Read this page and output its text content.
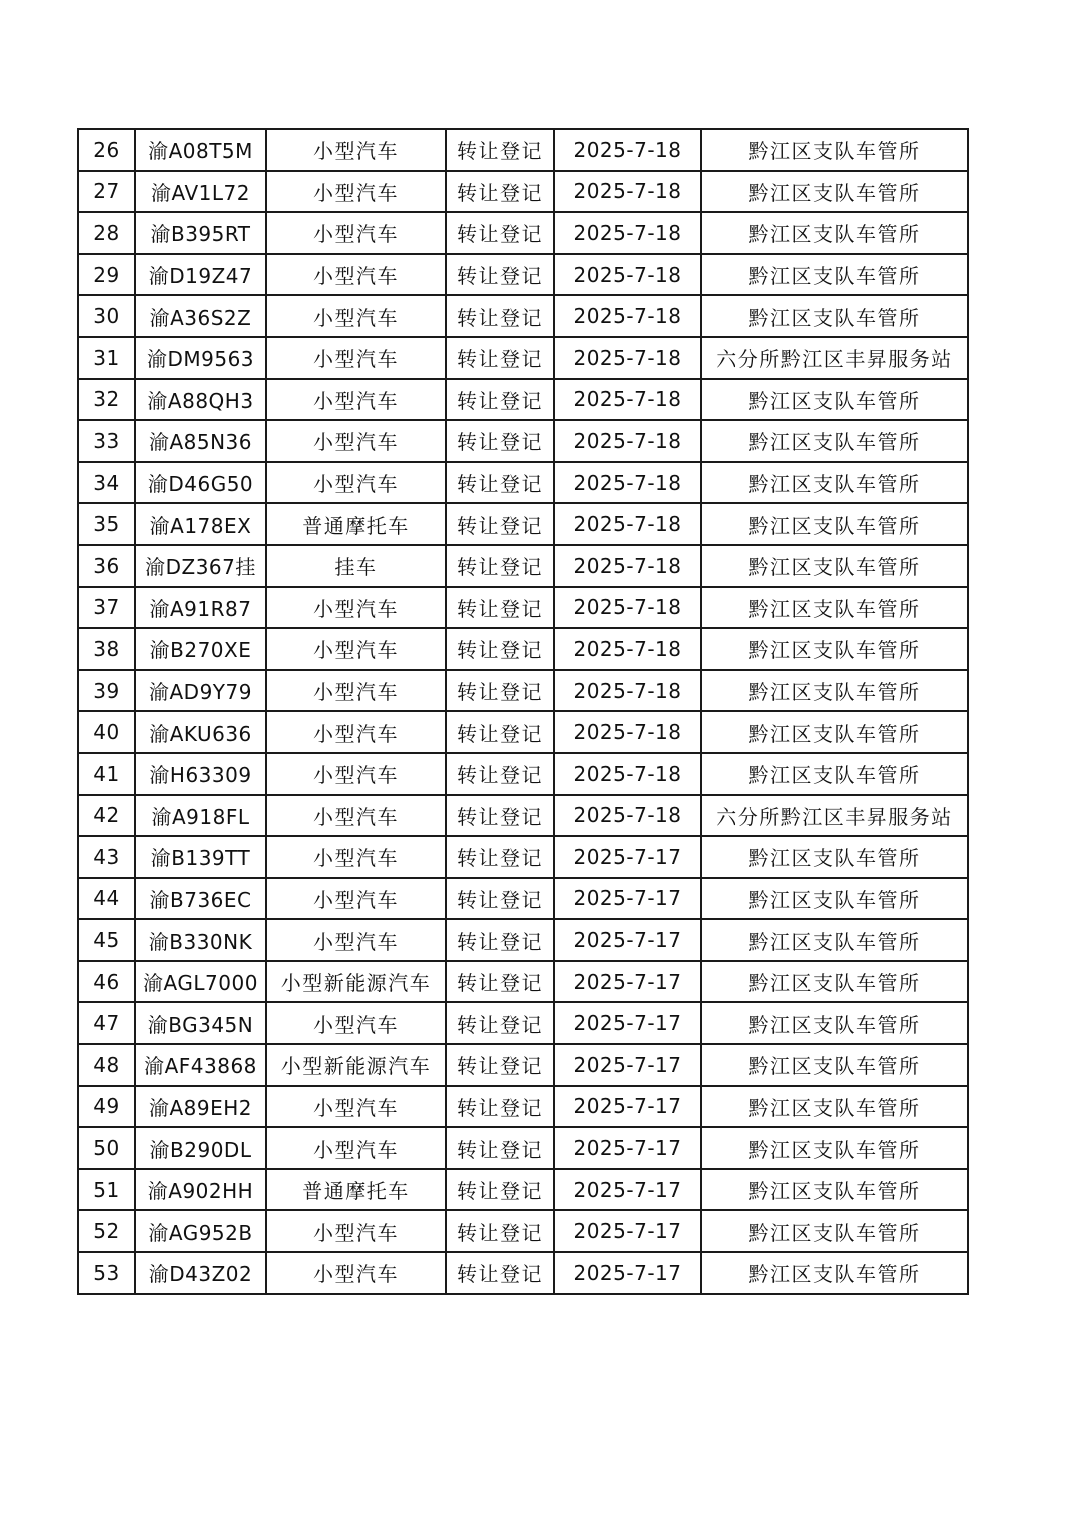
26	渝A08T5M	小型汽车	转让登记	2025-7-18	黔江区支队车管所
27	渝AV1L72	小型汽车	转让登记	2025-7-18	黔江区支队车管所
28	渝B395RT	小型汽车	转让登记	2025-7-18	黔江区支队车管所
29	渝D19Z47	小型汽车	转让登记	2025-7-18	黔江区支队车管所
30	渝A36S2Z	小型汽车	转让登记	2025-7-18	黔江区支队车管所
31	渝DM9563	小型汽车	转让登记	2025-7-18	六分所黔江区丰昇服务站
32	渝A88QH3	小型汽车	转让登记	2025-7-18	黔江区支队车管所
33	渝A85N36	小型汽车	转让登记	2025-7-18	黔江区支队车管所
34	渝D46G50	小型汽车	转让登记	2025-7-18	黔江区支队车管所
35	渝A178EX	普通摩托车	转让登记	2025-7-18	黔江区支队车管所
36	渝DZ367挂	挂车	转让登记	2025-7-18	黔江区支队车管所
37	渝A91R87	小型汽车	转让登记	2025-7-18	黔江区支队车管所
38	渝B270XE	小型汽车	转让登记	2025-7-18	黔江区支队车管所
39	渝AD9Y79	小型汽车	转让登记	2025-7-18	黔江区支队车管所
40	渝AKU636	小型汽车	转让登记	2025-7-18	黔江区支队车管所
41	渝H63309	小型汽车	转让登记	2025-7-18	黔江区支队车管所
42	渝A918FL	小型汽车	转让登记	2025-7-18	六分所黔江区丰昇服务站
43	渝B139TT	小型汽车	转让登记	2025-7-17	黔江区支队车管所
44	渝B736EC	小型汽车	转让登记	2025-7-17	黔江区支队车管所
45	渝B330NK	小型汽车	转让登记	2025-7-17	黔江区支队车管所
46	渝AGL7000	小型新能源汽车	转让登记	2025-7-17	黔江区支队车管所
47	渝BG345N	小型汽车	转让登记	2025-7-17	黔江区支队车管所
48	渝AF43868	小型新能源汽车	转让登记	2025-7-17	黔江区支队车管所
49	渝A89EH2	小型汽车	转让登记	2025-7-17	黔江区支队车管所
50	渝B290DL	小型汽车	转让登记	2025-7-17	黔江区支队车管所
51	渝A902HH	普通摩托车	转让登记	2025-7-17	黔江区支队车管所
52	渝AG952B	小型汽车	转让登记	2025-7-17	黔江区支队车管所
53	渝D43Z02	小型汽车	转让登记	2025-7-17	黔江区支队车管所
